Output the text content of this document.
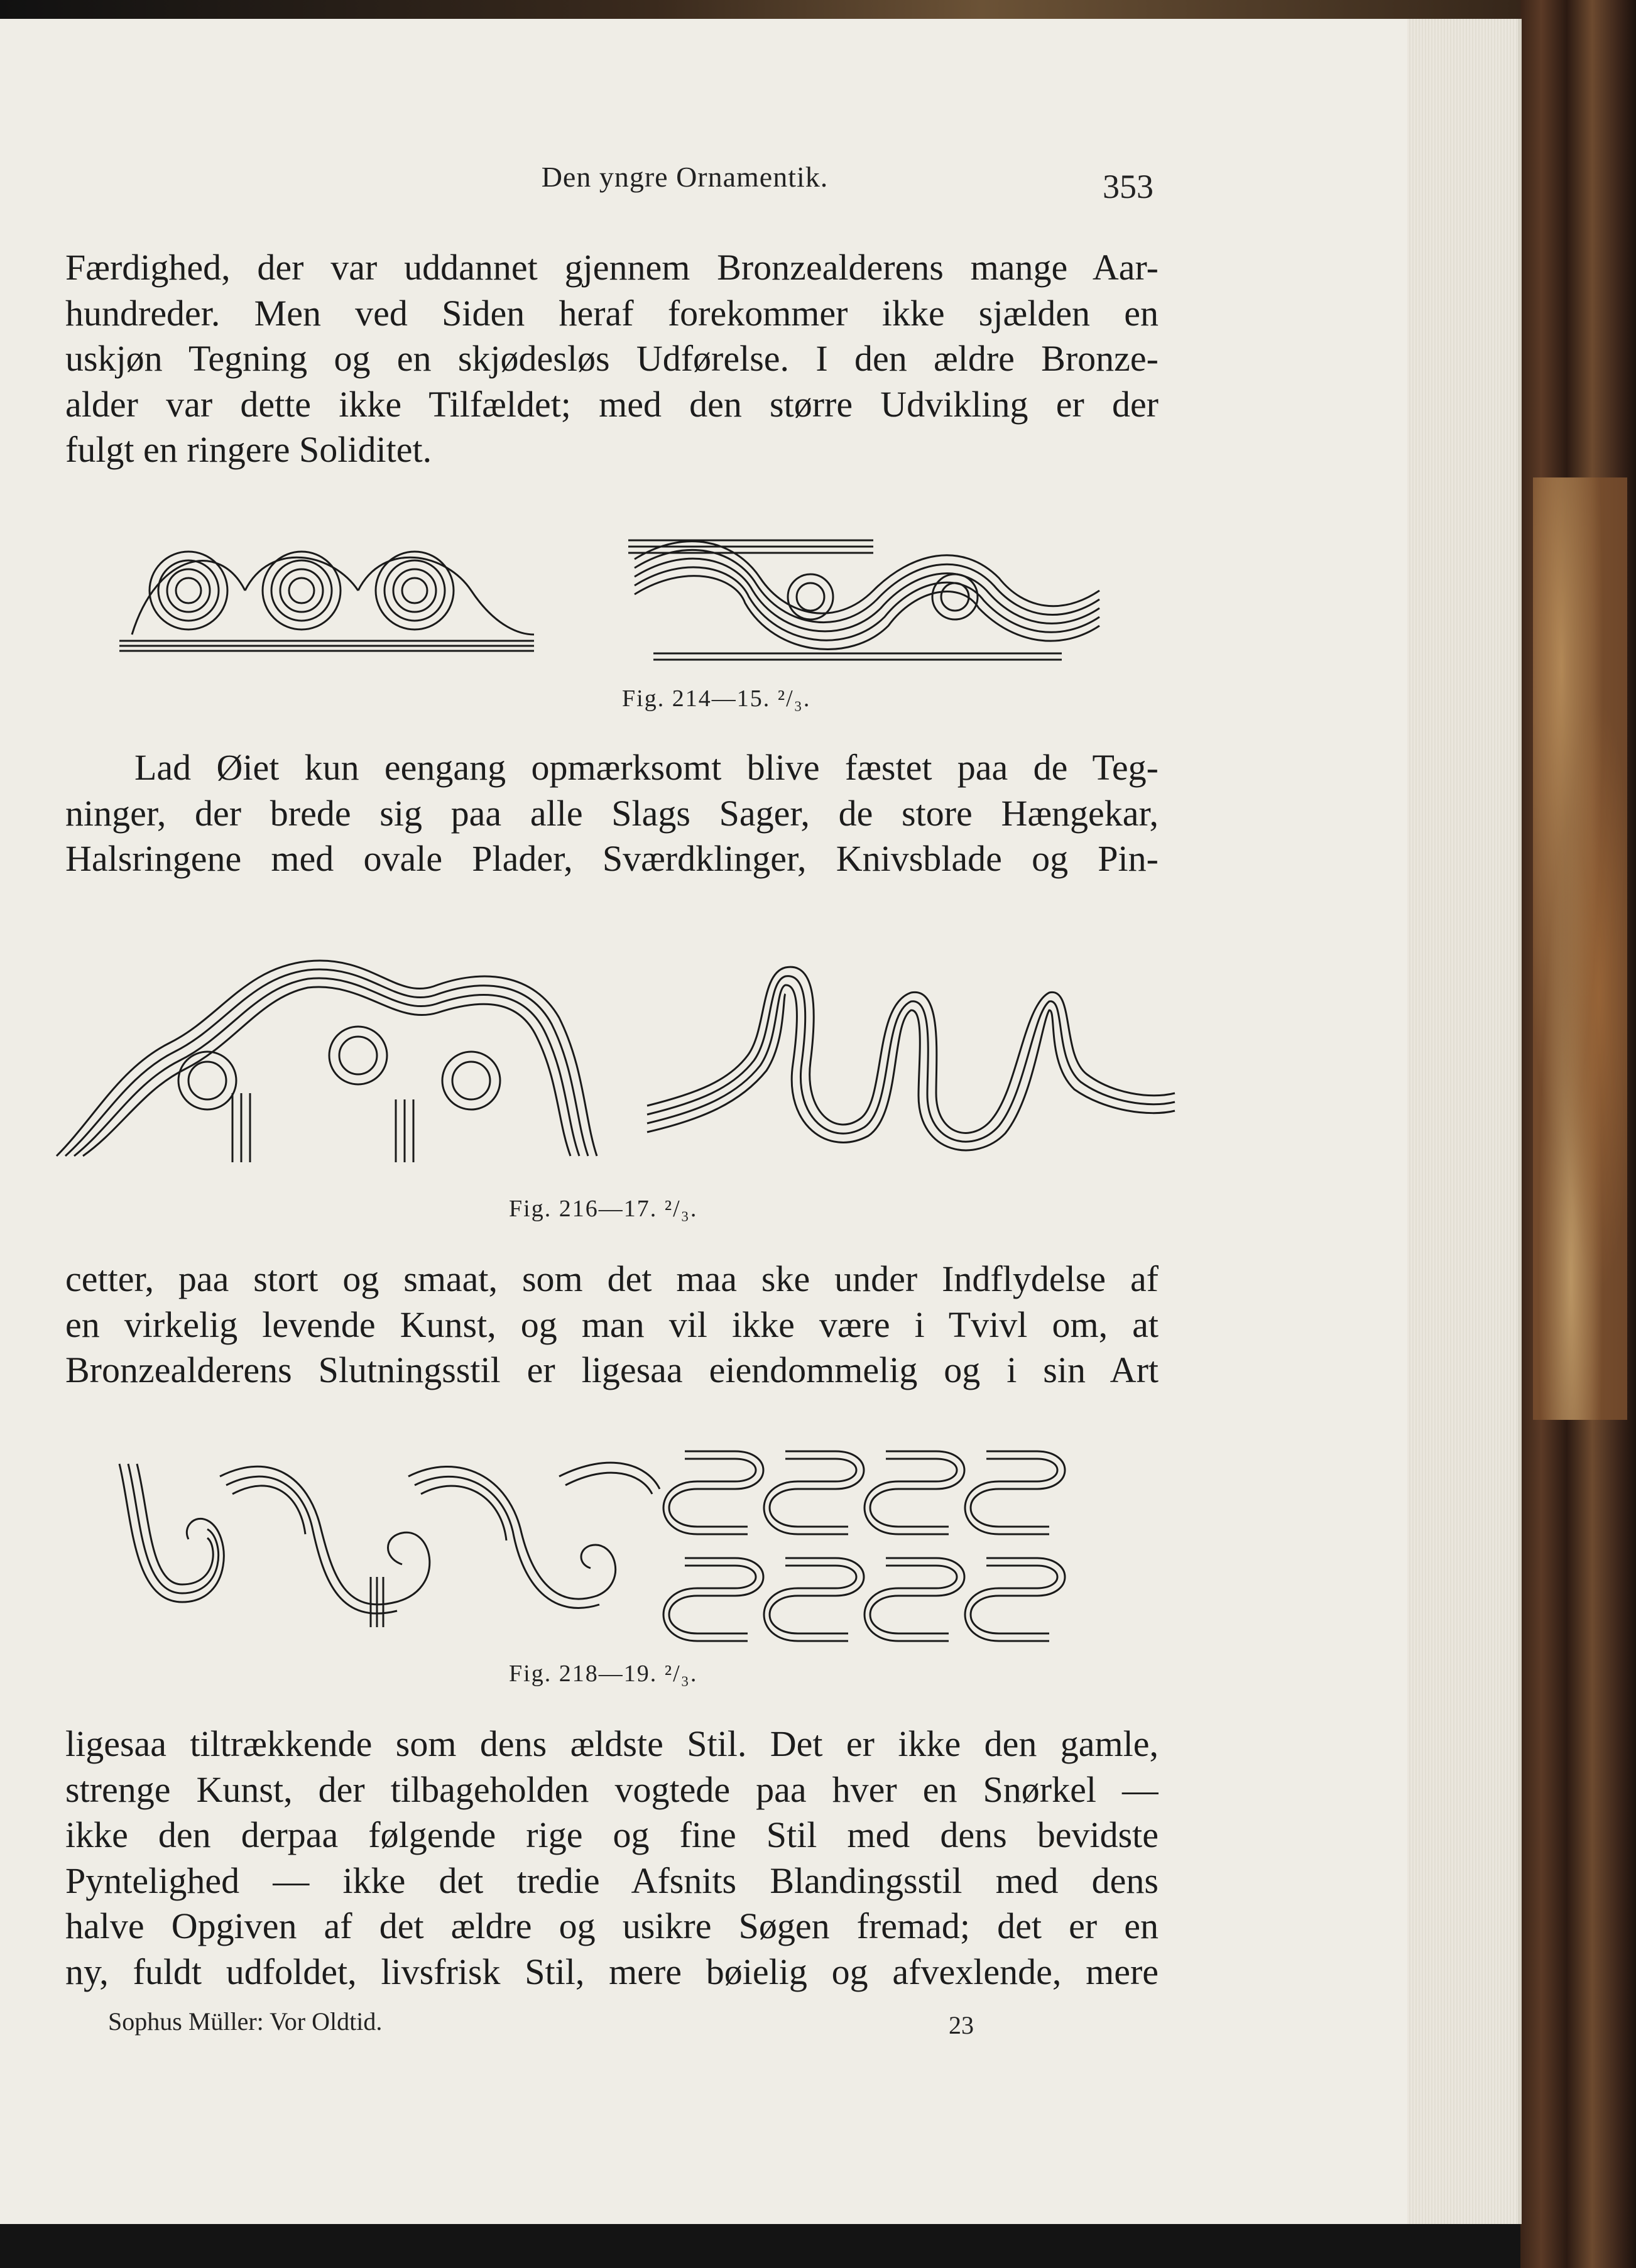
Den yngre Ornamentik.	353
Færdighed, der var uddannet gjennem Bronzealderens mange Aar-
hundreder. Men ved Siden heraf forekommer ikke sjælden en
uskjøn Tegning og en skjødesløs Udførelse. I den ældre Bronze-
alder var dette ikke Tilfældet; med den større Udvikling er der
fulgt en ringere Soliditet.
Fig. 214—15. ²/₃.
Lad Øiet kun eengang opmærksomt blive fæstet paa de Teg-
ninger, der brede sig paa alle Slags Sager, de store Hængekar,
Halsringene med ovale Plader, Sværdklinger, Knivsblade og Pin-
Fig. 216—17. ²/₃.
cetter, paa stort og smaat, som det maa ske under Indflydelse af
en virkelig levende Kunst, og man vil ikke være i Tvivl om, at
Bronzealderens Slutningsstil er ligesaa eiendommelig og i sin Art
Fig. 218—19. ²/₃.
ligesaa tiltrækkende som dens ældste Stil. Det er ikke den gamle,
strenge Kunst, der tilbageholden vogtede paa hver en Snørkel —
ikke den derpaa følgende rige og fine Stil med dens bevidste
Pyntelighed — ikke det tredie Afsnits Blandingsstil med dens
halve Opgiven af det ældre og usikre Søgen fremad; det er en
ny, fuldt udfoldet, livsfrisk Stil, mere bøielig og afvexlende, mere
Sophus Müller: Vor Oldtid.	23
